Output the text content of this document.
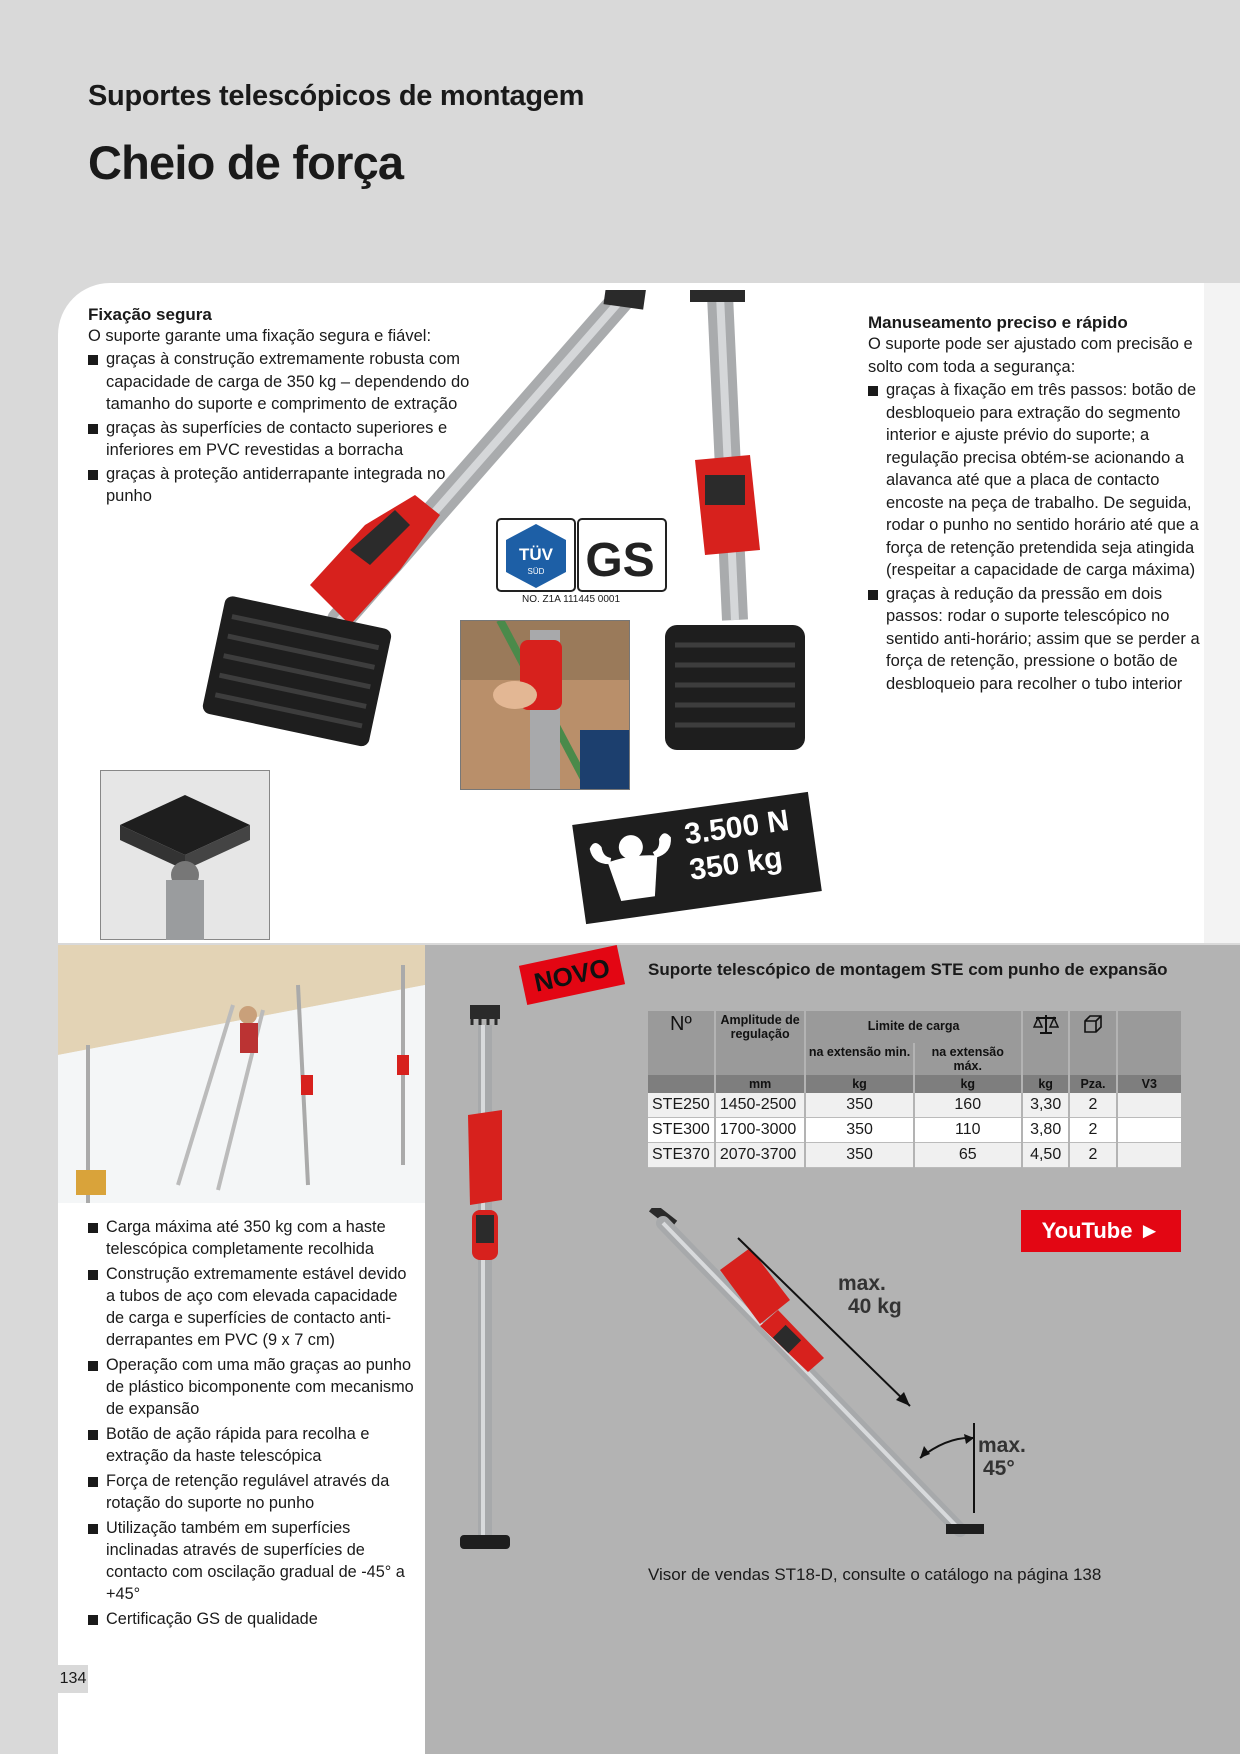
Suportes telescópicos de montagem
Cheio de força
TÜV
SÜD GS
NO. Z1A 111445 0001
3.500 N
350 kg
Fixação segura
O suporte garante uma fixação segura e fiável:
graças à construção extremamente robusta com capacidade de carga de 350 kg – dependendo do tamanho do suporte e comprimento de extração
graças às superfícies de contacto superiores e inferiores em PVC revestidas a borracha
graças à proteção antiderrapante integrada no punho
Manuseamento preciso e rápido
O suporte pode ser ajustado com precisão e solto com toda a segurança:
graças à fixação em três passos: botão de desbloqueio para extração do segmento interior e ajuste prévio do suporte; a regulação precisa obtém-se acionando a alavanca até que a placa de contacto encoste na peça de trabalho. De seguida, rodar o punho no sentido horário até que a força de retenção pretendida seja atingida (respeitar a capacidade de carga máxima)
graças à redução da pressão em dois passos: rodar o suporte telescópico no sentido anti-horário; assim que se perder a força de retenção, pressione o botão de desbloqueio para recolher o tubo interior
Carga máxima até 350 kg com a haste telescópica completamente recolhida
Construção extremamente estável devido a tubos de aço com elevada capacidade de carga e superfícies de contacto anti-derrapantes em PVC (9 x 7 cm)
Operação com uma mão graças ao punho de plástico bicomponente com mecanismo de expansão
Botão de ação rápida para recolha e extração da haste telescópica
Força de retenção regulável através da rotação do suporte no punho
Utilização também em superfícies inclinadas através de superfícies de contacto com oscilação gradual de -45° a +45°
Certificação GS de qualidade
134
NOVO	Suporte telescópico de montagem STE com punho de expansão
Nº	Amplitude de regulação	Limite de carga			
		na extensão min.	na extensão máx.			
	mm	kg	kg	kg	Pza.	V3
STE250	1450-2500	350	160	3,30	2	
STE300	1700-3000	350	110	3,80	2	
STE370	2070-3700	350	65	4,50	2	
YouTube ►
max.
40 kg
max.
45°
Visor de vendas ST18-D, consulte o catálogo na página 138
